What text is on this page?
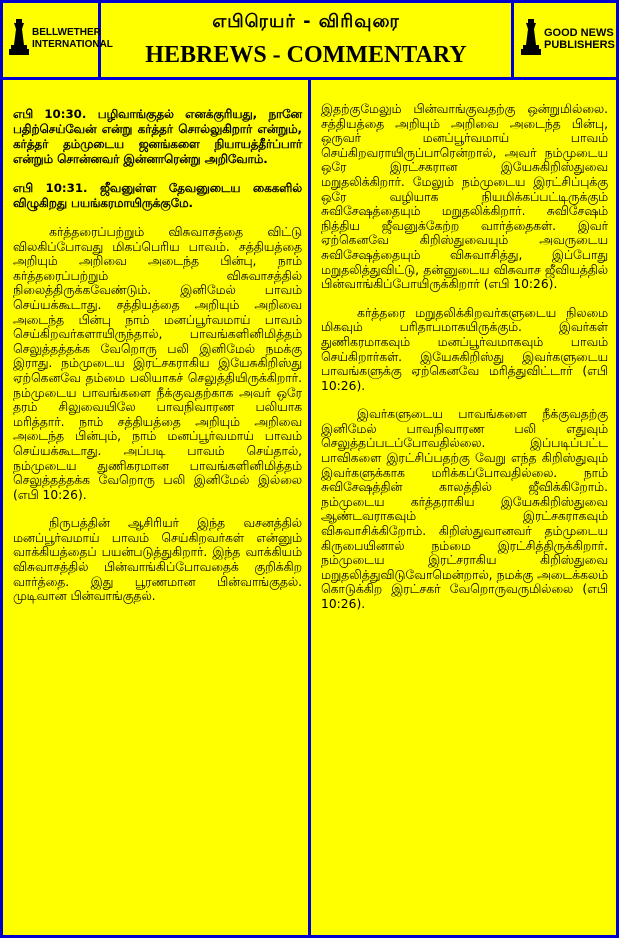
BELLWETHER
INTERNATIONAL
எபிரெயர் - விரிவுரை
HEBREWS - COMMENTARY
GOOD NEWS
PUBLISHERS

எபி 10:30. பழிவாங்குதல் எனக்குரியது, நானே பதிற்செய்வேன் என்று கர்த்தர் சொல்லுகிறார் என்றும், கர்த்தர் தம்முடைய ஜனங்களை நியாயத்தீர்ப்பார் என்றும் சொன்னவர் இன்னாரென்று அறிவோம்.

எபி 10:31. ஜீவனுள்ள தேவனுடைய கைகளில் விழுகிறது பயங்கரமாயிருக்குமே.

கர்த்தரைப்பற்றும் விசுவாசத்தை விட்டு விலகிப்போவது மிகப்பெரிய பாவம். சத்தியத்தை அறியும் அறிவை அடைந்த பின்பு, நாம் கர்த்தரைப்பற்றும் விசுவாசத்தில் நிலைத்திருக்கவேண்டும். இனிமேல் பாவம் செய்யக்கூடாது. சத்தியத்தை அறியும் அறிவை அடைந்த பின்பு நாம் மனப்பூர்வமாய் பாவம் செய்கிறவர்களாயிருந்தால், பாவங்களினிமித்தம் செலுத்தத்தக்க வேறொரு பலி இனிமேல் நமக்கு இராது. நம்முடைய இரட்சகராகிய இயேசுகிறிஸ்து ஏற்கெனவே தம்மை பலியாகச் செலுத்தியிருக்கிறார். நம்முடைய பாவங்களை நீக்குவதற்காக அவர் ஒரே தரம் சிலுவையிலே பாவநிவாரண பலியாக மரித்தார். நாம் சத்தியத்தை அறியும் அறிவை அடைந்த பின்பும், நாம் மனப்பூர்வமாய் பாவம் செய்யக்கூடாது. அப்படி பாவம் செய்தால், நம்முடைய துணிகரமான பாவங்களினிமித்தம் செலுத்தத்தக்க வேறொரு பலி இனிமேல் இல்லை (எபி 10:26).

நிருபத்தின் ஆசிரியர் இந்த வசனத்தில் மனப்பூர்வமாய் பாவம் செய்கிறவர்கள் என்னும் வாக்கியத்தைப் பயன்படுத்துகிறார். இந்த வாக்கியம் விசுவாசத்தில் பின்வாங்கிப்போவதைக் குறிக்கிற வார்த்தை. இது பூரணமான பின்வாங்குதல். முடிவான பின்வாங்குதல்.

இதற்குமேலும் பின்வாங்குவதற்கு ஒன்றுமில்லை. சத்தியத்தை அறியும் அறிவை அடைந்த பின்பு, ஒருவர் மனப்பூர்வமாய் பாவம் செய்கிறவராயிருப்பாரென்றால், அவர் நம்முடைய ஒரே இரட்சகரான இயேசுகிறிஸ்துவை மறுதலிக்கிறார். மேலும் நம்முடைய இரட்சிப்புக்கு ஒரே வழியாக நியமிக்கப்பட்டிருக்கும் சுவிசேஷத்தையும் மறுதலிக்கிறார். சுவிசேஷம் நித்திய ஜீவனுக்கேற்ற வார்த்தைகள். இவர் ஏற்கெனவே கிறிஸ்துவையும் அவருடைய சுவிசேஷத்தையும் விசுவாசித்து, இப்போது மறுதலித்துவிட்டு, தன்னுடைய விசுவாச ஜீவியத்தில் பின்வாங்கிப்போயிருக்கிறார் (எபி 10:26).

கர்த்தரை மறுதலிக்கிறவர்களுடைய நிலமை மிகவும் பரிதாபமாகயிருக்கும். இவர்கள் துணிகரமாகவும் மனப்பூர்வமாகவும் பாவம் செய்கிறார்கள். இயேசுகிறிஸ்து இவர்களுடைய பாவங்களுக்கு ஏற்கெனவே மரித்துவிட்டார் (எபி 10:26).

இவர்களுடைய பாவங்களை நீக்குவதற்கு இனிமேல் பாவநிவாரண பலி எதுவும் செலுத்தப்படப்போவதில்லை. இப்படிப்பட்ட பாவிகளை இரட்சிப்பதற்கு வேறு எந்த கிறிஸ்துவும் இவர்களுக்காக மரிக்கப்போவதில்லை. நாம் சுவிசேஷத்தின் காலத்தில் ஜீவிக்கிறோம். நம்முடைய கர்த்தராகிய இயேசுகிறிஸ்துவை ஆண்டவராகவும் இரட்சகராகவும் விசுவாசிக்கிறோம். கிறிஸ்துவானவர் தம்முடைய கிருபையினால் நம்மை இரட்சித்திருக்கிறார். நம்முடைய இரட்சராகிய கிறிஸ்துவை மறுதலித்துவிடுவோமென்றால், நமக்கு அடைக்கலம் கொடுக்கிற இரட்சகர் வேறொருவருமில்லை (எபி 10:26).
